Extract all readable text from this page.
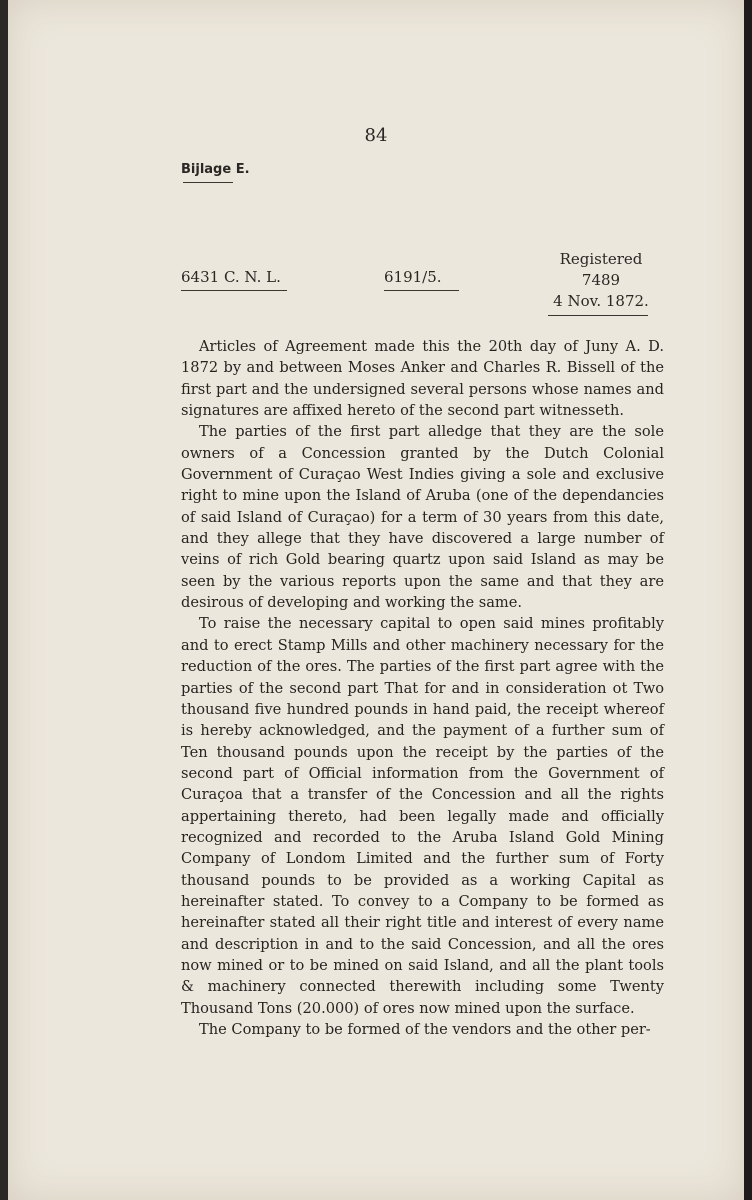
84
Bijlage E.
6431 C. N. L.	6191/5.
Registered
7489
4 Nov. 1872.

Articles of Agreement made this the 20th day of Juny A. D. 1872 by and between Moses Anker and Charles R. Bissell of the first part and the undersigned several persons whose names and signatures are affixed hereto of the second part witnesseth.

The parties of the first part alledge that they are the sole owners of a Concession granted by the Dutch Colonial Government of Curaçao West Indies giving a sole and exclusive right to mine upon the Island of Aruba (one of the dependancies of said Island of Curaçao) for a term of 30 years from this date, and they allege that they have discovered a large number of veins of rich Gold bearing quartz upon said Island as may be seen by the various reports upon the same and that they are desirous of developing and working the same.

To raise the necessary capital to open said mines profitably and to erect Stamp Mills and other machinery necessary for the reduction of the ores. The parties of the first part agree with the parties of the second part That for and in consideration ot Two thousand five hundred pounds in hand paid, the receipt whereof is hereby acknowledged, and the payment of a further sum of Ten thousand pounds upon the receipt by the parties of the second part of Official information from the Government of Curaçoa that a transfer of the Concession and all the rights appertaining thereto, had been legally made and officially recognized and recorded to the Aruba Island Gold Mining Company of Londom Limited and the further sum of Forty thousand pounds to be provided as a working Capital as hereinafter stated. To convey to a Company to be formed as hereinafter stated all their right title and interest of every name and description in and to the said Concession, and all the ores now mined or to be mined on said Island, and all the plant tools & machinery connected therewith including some Twenty Thousand Tons (20.000) of ores now mined upon the surface.

The Company to be formed of the vendors and the other per-
